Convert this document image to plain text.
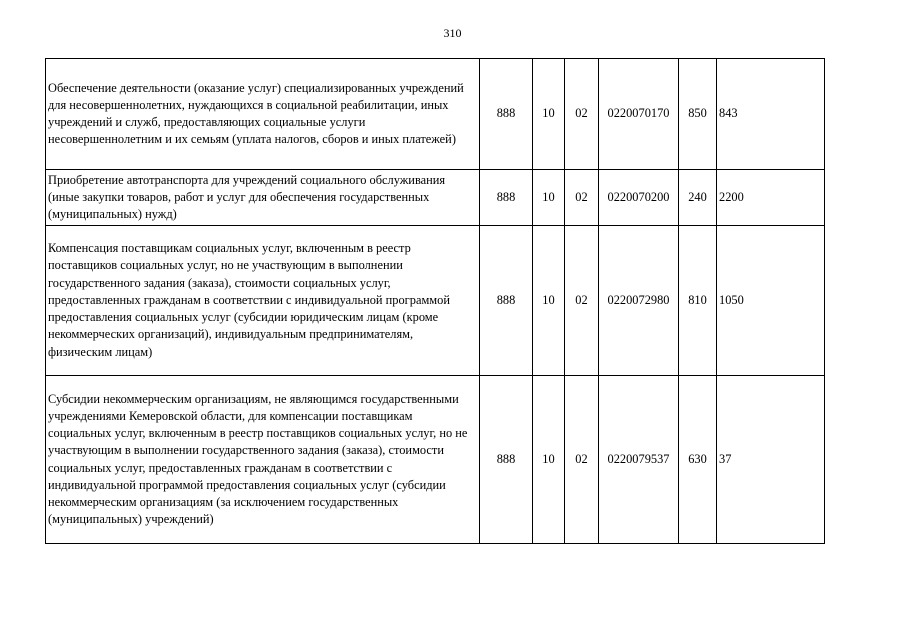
310
Обеспечение деятельности (оказание услуг) специализированных учреждений для несовершеннолетних, нуждающихся в социальной реабилитации, иных учреждений и служб, предоставляющих социальные услуги несовершеннолетним и их семьям (уплата налогов, сборов и иных платежей)	888	10	02	0220070170	850	843
Приобретение автотранспорта для учреждений социального обслуживания (иные закупки товаров, работ и услуг для обеспечения государственных (муниципальных) нужд)	888	10	02	0220070200	240	2200
Компенсация поставщикам социальных услуг, включенным в реестр поставщиков социальных услуг, но не участвующим в выполнении государственного задания (заказа), стоимости социальных услуг, предоставленных гражданам в соответствии с индивидуальной программой предоставления социальных услуг (субсидии юридическим лицам (кроме некоммерческих организаций), индивидуальным предпринимателям, физическим лицам)	888	10	02	0220072980	810	1050
Субсидии некоммерческим организациям, не являющимся государственными учреждениями Кемеровской области, для компенсации поставщикам социальных услуг, включенным в реестр поставщиков социальных услуг, но не участвующим в выполнении государственного задания (заказа), стоимости социальных услуг, предоставленных гражданам в соответствии с индивидуальной программой предоставления социальных услуг (субсидии некоммерческим организациям (за исключением государственных (муниципальных) учреждений)	888	10	02	0220079537	630	37
